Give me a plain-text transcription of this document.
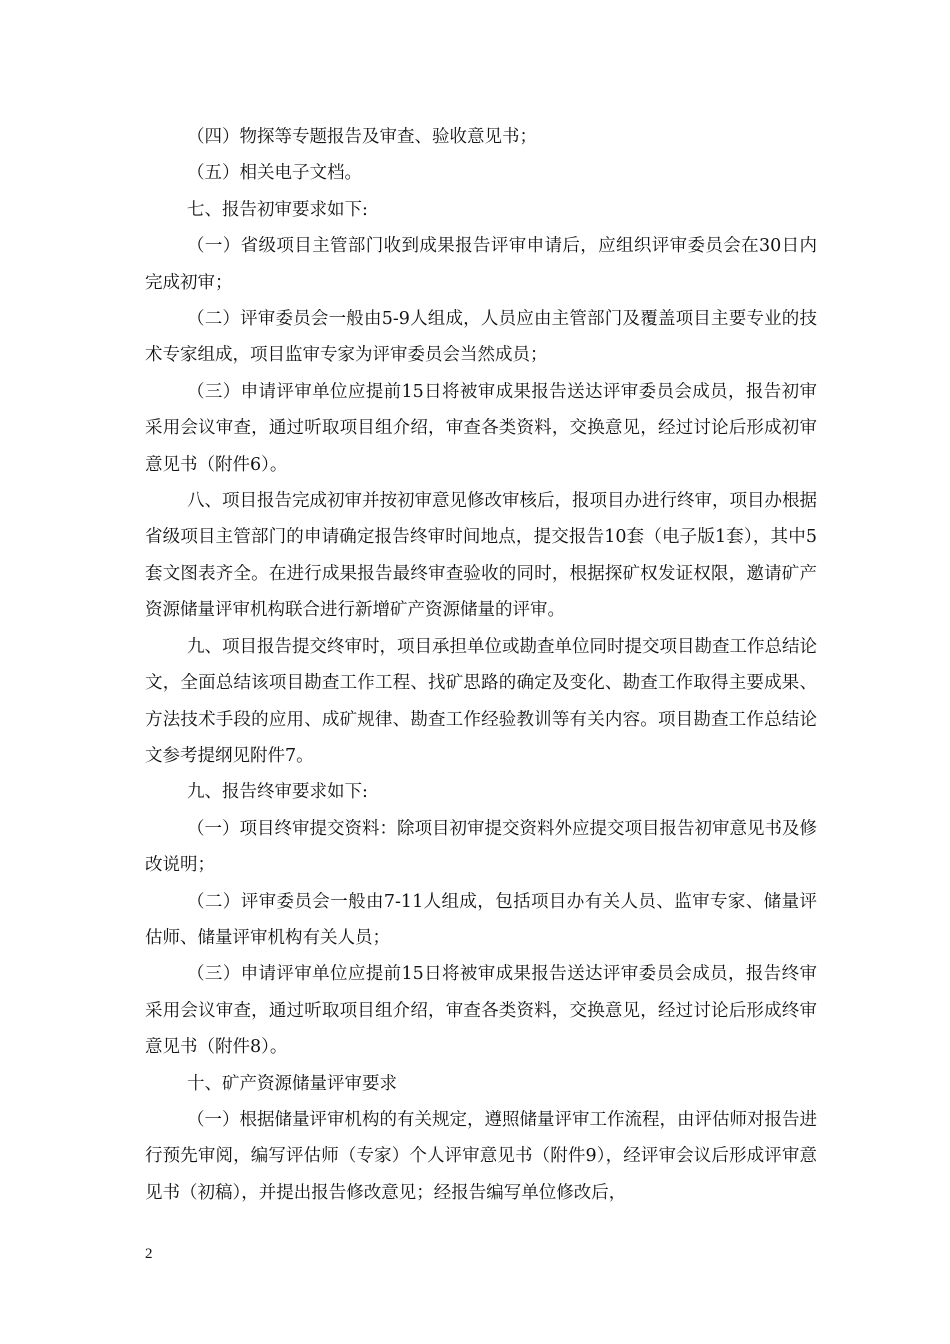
（四）物探等专题报告及审查、验收意见书；

（五）相关电子文档。

七、报告初审要求如下:

（一）省级项目主管部门收到成果报告评审申请后，应组织评审委员会在30日内完成初审；

（二）评审委员会一般由5-9人组成，人员应由主管部门及覆盖项目主要专业的技术专家组成，项目监审专家为评审委员会当然成员；

（三）申请评审单位应提前15日将被审成果报告送达评审委员会成员，报告初审采用会议审查，通过听取项目组介绍，审查各类资料，交换意见，经过讨论后形成初审意见书（附件6）。

八、项目报告完成初审并按初审意见修改审核后，报项目办进行终审，项目办根据省级项目主管部门的申请确定报告终审时间地点，提交报告10套（电子版1套），其中5套文图表齐全。在进行成果报告最终审查验收的同时，根据探矿权发证权限，邀请矿产资源储量评审机构联合进行新增矿产资源储量的评审。

九、项目报告提交终审时，项目承担单位或勘查单位同时提交项目勘查工作总结论文，全面总结该项目勘查工作工程、找矿思路的确定及变化、勘查工作取得主要成果、方法技术手段的应用、成矿规律、勘查工作经验教训等有关内容。项目勘查工作总结论文参考提纲见附件7。

九、报告终审要求如下:

（一）项目终审提交资料：除项目初审提交资料外应提交项目报告初审意见书及修改说明；

（二）评审委员会一般由7-11人组成，包括项目办有关人员、监审专家、储量评估师、储量评审机构有关人员；

（三）申请评审单位应提前15日将被审成果报告送达评审委员会成员，报告终审采用会议审查，通过听取项目组介绍，审查各类资料，交换意见，经过讨论后形成终审意见书（附件8）。

十、矿产资源储量评审要求

（一）根据储量评审机构的有关规定，遵照储量评审工作流程，由评估师对报告进行预先审阅，编写评估师（专家）个人评审意见书（附件9），经评审会议后形成评审意见书（初稿），并提出报告修改意见；经报告编写单位修改后，

2
